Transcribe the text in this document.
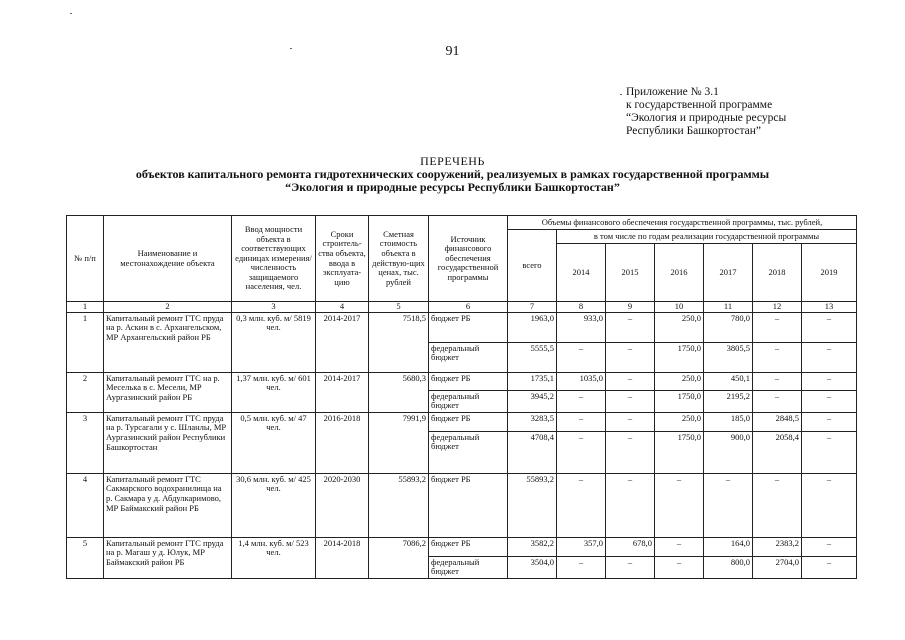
91
Приложение № 3.1
к государственной программе
“Экология и природные ресурсы
Республики Башкортостан”
ПЕРЕЧЕНЬ
объектов капитального ремонта гидротехнических сооружений, реализуемых в рамках государственной программы
“Экология и природные ресурсы Республики Башкортостан”
№ п/п	Наименование и местонахождение объекта	Ввод мощности объекта в соответствующих единицах измерения/ численность защищаемого населения, чел.	Сроки строитель-ства объекта, ввода в эксплуата-цию	Сметная стоимость объекта в действую-щих ценах, тыс. рублей	Источник финансового обеспечения государственной программы	Объемы финансового обеспечения государственной программы, тыс. рублей,						
						всего	в том числе по годам реализации государственной программы					
							2014	2015	2016	2017	2018	2019
1	2	3	4	5	6	7	8	9	10	11	12	13
1	Капитальный ремонт ГТС пруда на р. Аскин в с. Архангельском, МР Архангельский район РБ	0,3 млн. куб. м/ 5819 чел.	2014-2017	7518,5	бюджет РБ	1963,0	933,0	–	250,0	780,0	–	–
					федеральный бюджет	5555,5	–	–	1750,0	3805,5	–	–
2	Капитальный ремонт ГТС на р. Меселька в с. Месели, МР Аургазинский район РБ	1,37 млн. куб. м/ 601 чел.	2014-2017	5680,3	бюджет РБ	1735,1	1035,0	–	250,0	450,1	–	–
					федеральный бюджет	3945,2	–	–	1750,0	2195,2	–	–
3	Капитальный ремонт ГТС пруда на р. Турсагали у с. Шланлы, МР Аургазинский район Республики Башкортостан	0,5 млн. куб. м/ 47 чел.	2016-2018	7991,9	бюджет РБ	3283,5	–	–	250,0	185,0	2848,5	–
					федеральный бюджет	4708,4	–	–	1750,0	900,0	2058,4	–
4	Капитальный ремонт ГТС Сакмарского водохранилища на р. Сакмара у д. Абдулкаримово, МР Баймакский район РБ	30,6 млн. куб. м/ 425 чел.	2020-2030	55893,2	бюджет РБ	55893,2	–	–	–	–	–	–
5	Капитальный ремонт ГТС пруда на р. Магаш у д. Юлук, МР Баймакский район РБ	1,4 млн. куб. м/ 523 чел.	2014-2018	7086,2	бюджет РБ	3582,2	357,0	678,0	–	164,0	2383,2	–
					федеральный бюджет	3504,0	–	–	–	800,0	2704,0	–
